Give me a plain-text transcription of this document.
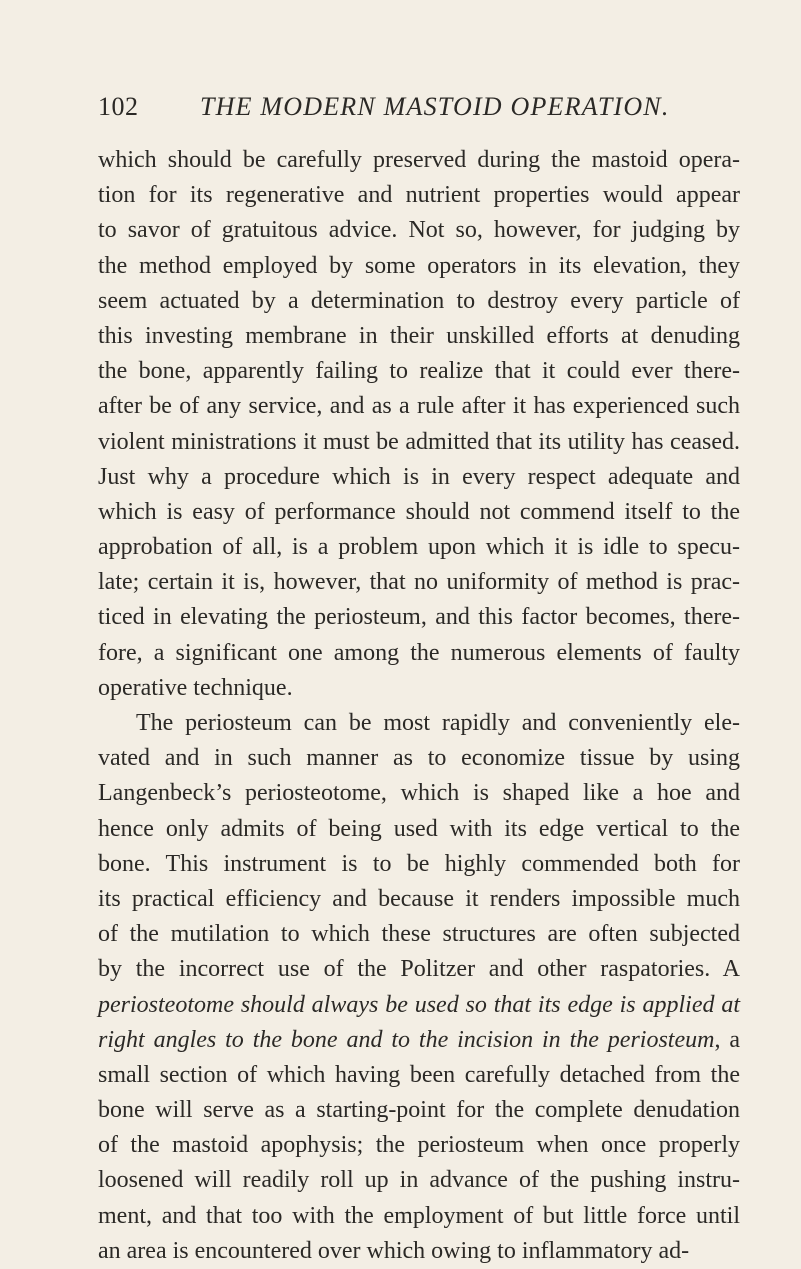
102 THE MODERN MASTOID OPERATION.
which should be carefully preserved during the mastoid opera-
tion for its regenerative and nutrient properties would appear
to savor of gratuitous advice. Not so, however, for judging by
the method employed by some operators in its elevation, they
seem actuated by a determination to destroy every particle of
this investing membrane in their unskilled efforts at denuding
the bone, apparently failing to realize that it could ever there-
after be of any service, and as a rule after it has experienced such
violent ministrations it must be admitted that its utility has ceased.
Just why a procedure which is in every respect adequate and
which is easy of performance should not commend itself to the
approbation of all, is a problem upon which it is idle to specu-
late; certain it is, however, that no uniformity of method is prac-
ticed in elevating the periosteum, and this factor becomes, there-
fore, a significant one among the numerous elements of faulty
operative technique.
The periosteum can be most rapidly and conveniently ele-
vated and in such manner as to economize tissue by using
Langenbeck’s periosteotome, which is shaped like a hoe and
hence only admits of being used with its edge vertical to the
bone. This instrument is to be highly commended both for
its practical efficiency and because it renders impossible much
of the mutilation to which these structures are often subjected
by the incorrect use of the Politzer and other raspatories. A
periosteotome should always be used so that its edge is applied at
right angles to the bone and to the incision in the periosteum, a
small section of which having been carefully detached from the
bone will serve as a starting-point for the complete denudation
of the mastoid apophysis; the periosteum when once properly
loosened will readily roll up in advance of the pushing instru-
ment, and that too with the employment of but little force until
an area is encountered over which owing to inflammatory ad-
